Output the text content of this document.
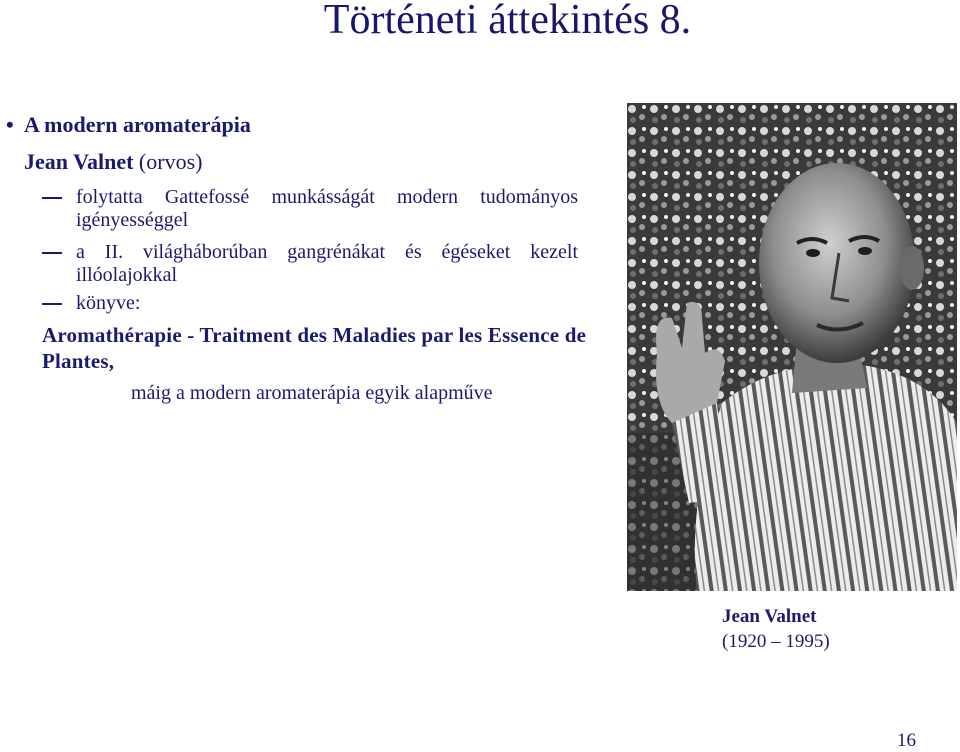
Történeti áttekintés 8.
• A modern aromaterápia
Jean Valnet (orvos)
folytatta Gattefossé munkásságát modern tudományos igényességgel
a II. világháborúban gangrénákat és égéseket kezelt illóolajokkal
könyve:
Aromathérapie - Traitment des Maladies par les Essence de Plantes,
máig a modern aromaterápia egyik alapműve
Jean Valnet
(1920 – 1995)
16
